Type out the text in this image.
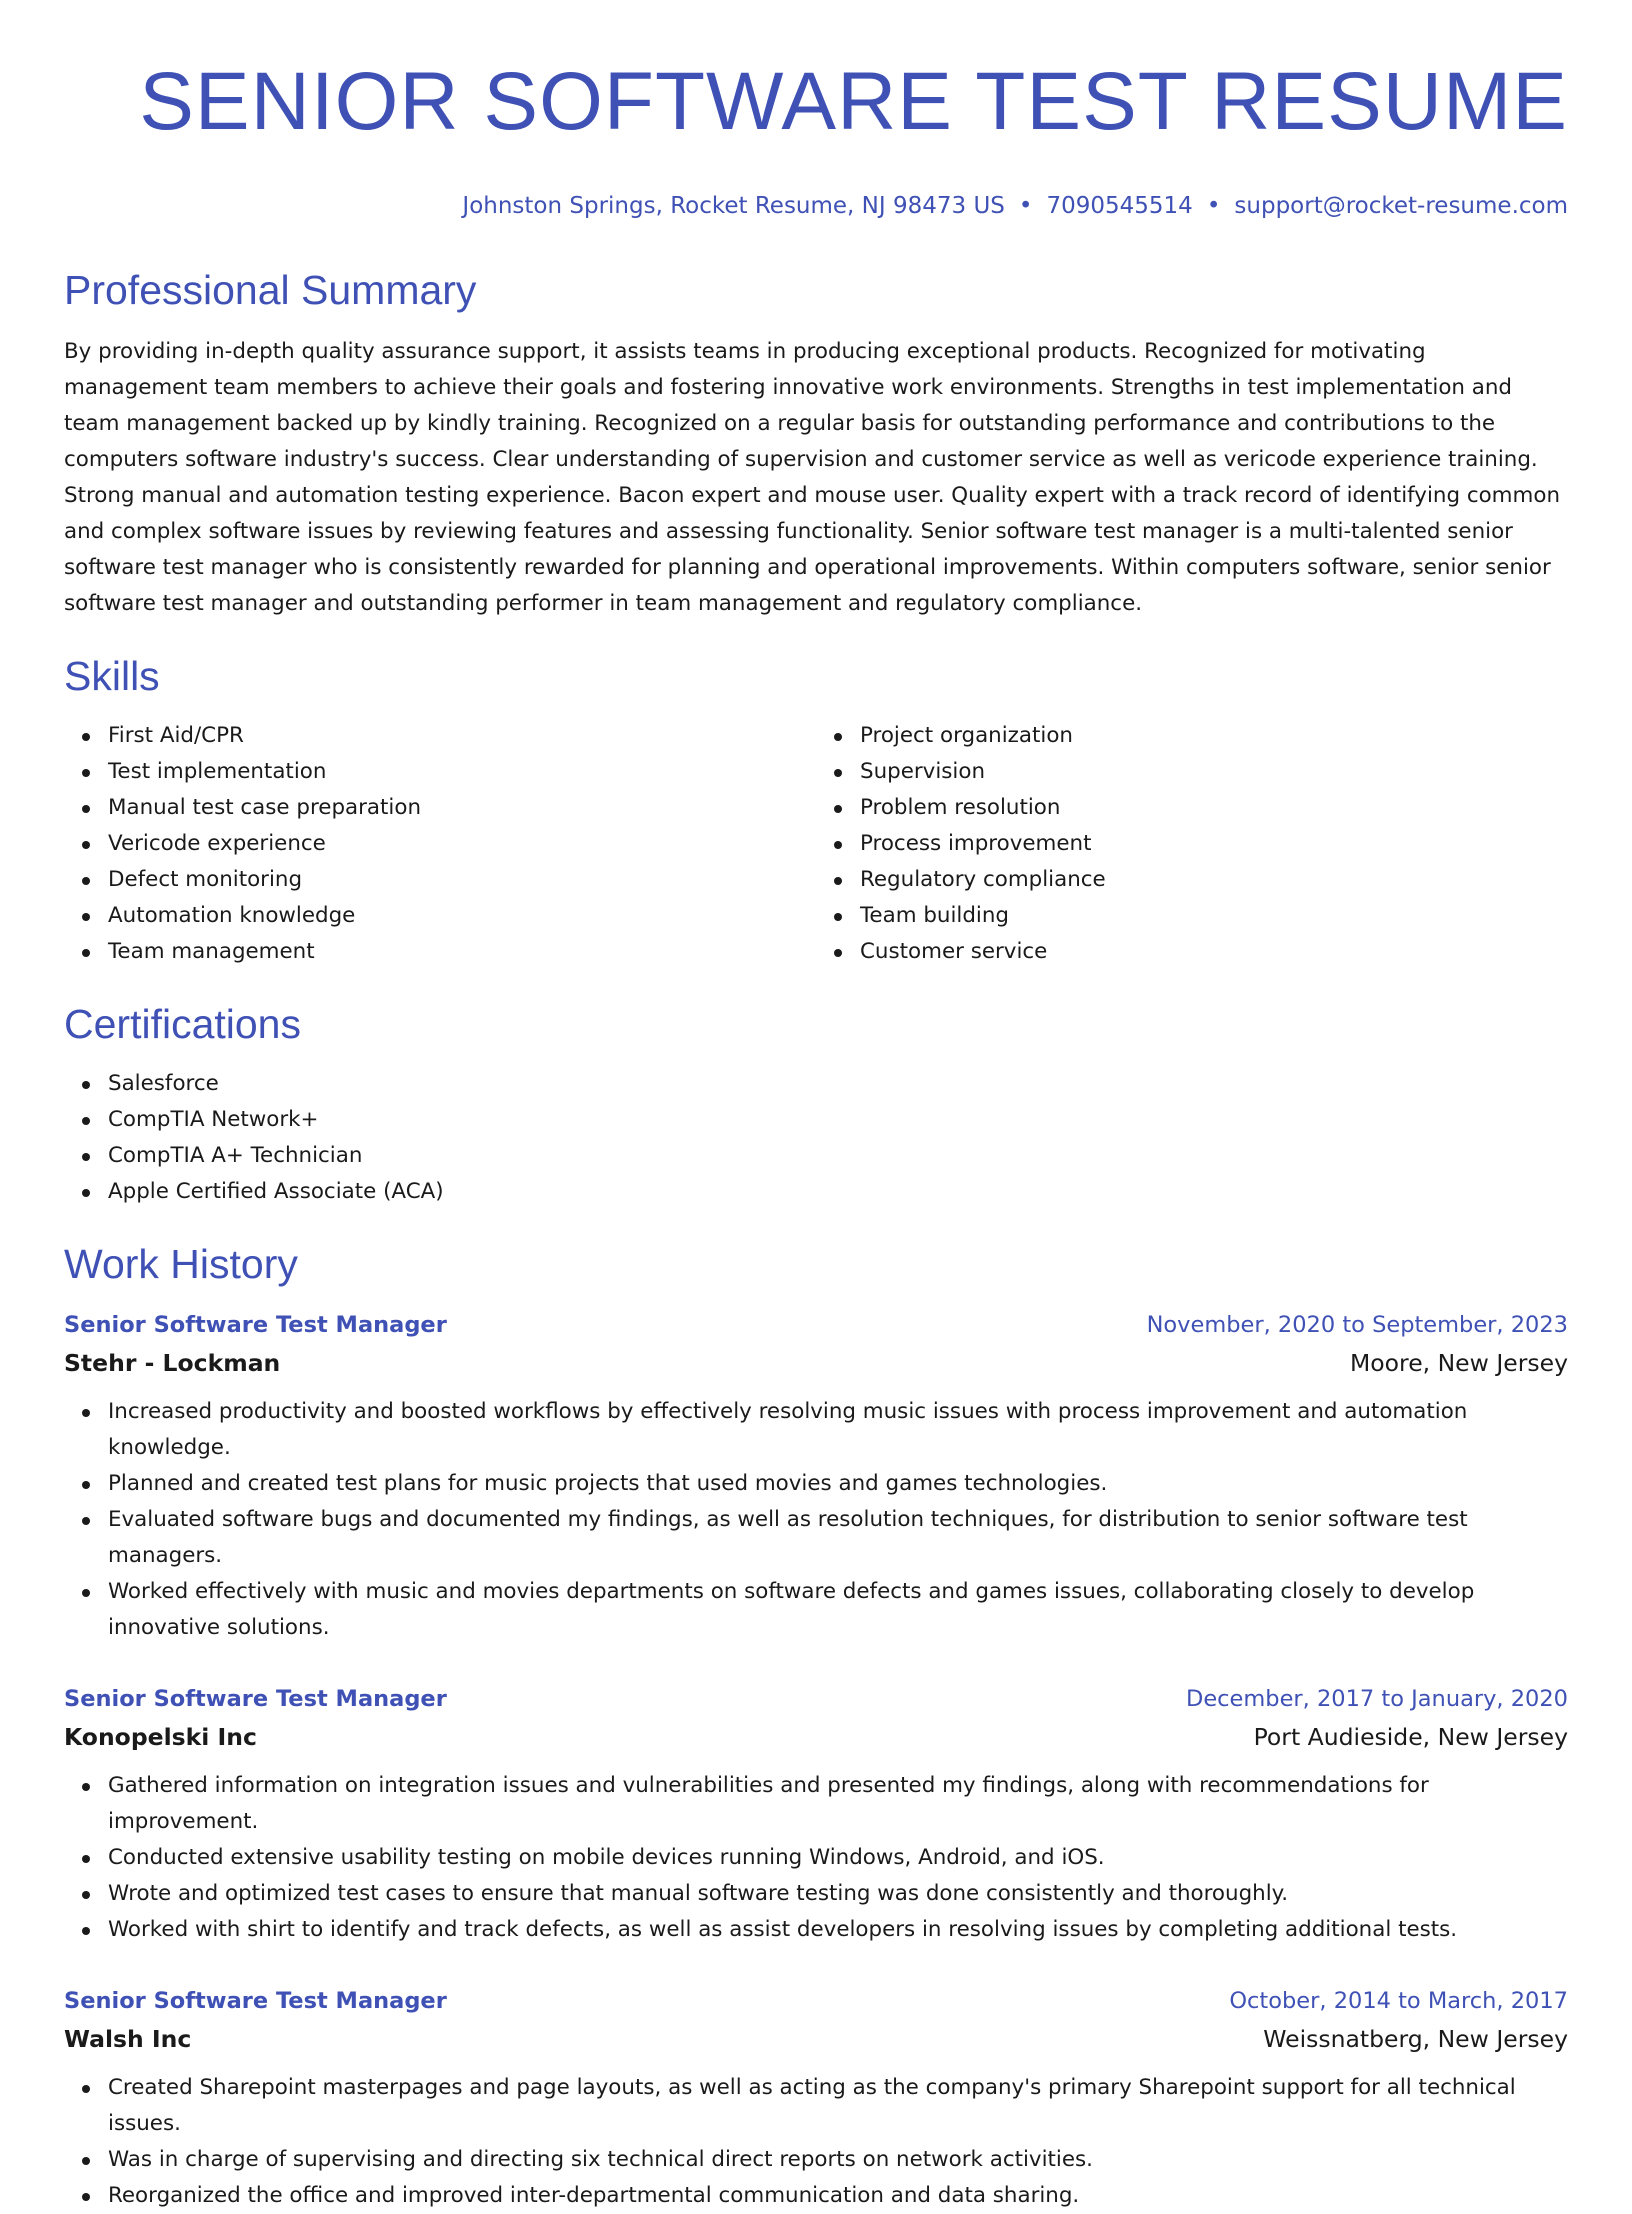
SENIOR SOFTWARE TEST RESUME
Johnston Springs, Rocket Resume, NJ 98473 US • 7090545514 • support@rocket-resume.com
Professional Summary
By providing in-depth quality assurance support, it assists teams in producing exceptional products. Recognized for motivating management team members to achieve their goals and fostering innovative work environments. Strengths in test implementation and team management backed up by kindly training. Recognized on a regular basis for outstanding performance and contributions to the computers software industry's success. Clear understanding of supervision and customer service as well as vericode experience training. Strong manual and automation testing experience. Bacon expert and mouse user. Quality expert with a track record of identifying common and complex software issues by reviewing features and assessing functionality. Senior software test manager is a multi-talented senior software test manager who is consistently rewarded for planning and operational improvements. Within computers software, senior senior software test manager and outstanding performer in team management and regulatory compliance.
Skills
First Aid/CPR
Test implementation
Manual test case preparation
Vericode experience
Defect monitoring
Automation knowledge
Team management
Project organization
Supervision
Problem resolution
Process improvement
Regulatory compliance
Team building
Customer service
Certifications
Salesforce
CompTIA Network+
CompTIA A+ Technician
Apple Certified Associate (ACA)
Work History
Senior Software Test Manager	November, 2020 to September, 2023
Stehr - Lockman	Moore, New Jersey
Increased productivity and boosted workflows by effectively resolving music issues with process improvement and automation knowledge.
Planned and created test plans for music projects that used movies and games technologies.
Evaluated software bugs and documented my findings, as well as resolution techniques, for distribution to senior software test managers.
Worked effectively with music and movies departments on software defects and games issues, collaborating closely to develop innovative solutions.
Senior Software Test Manager	December, 2017 to January, 2020
Konopelski Inc	Port Audieside, New Jersey
Gathered information on integration issues and vulnerabilities and presented my findings, along with recommendations for improvement.
Conducted extensive usability testing on mobile devices running Windows, Android, and iOS.
Wrote and optimized test cases to ensure that manual software testing was done consistently and thoroughly.
Worked with shirt to identify and track defects, as well as assist developers in resolving issues by completing additional tests.
Senior Software Test Manager	October, 2014 to March, 2017
Walsh Inc	Weissnatberg, New Jersey
Created Sharepoint masterpages and page layouts, as well as acting as the company's primary Sharepoint support for all technical issues.
Was in charge of supervising and directing six technical direct reports on network activities.
Reorganized the office and improved inter-departmental communication and data sharing.
